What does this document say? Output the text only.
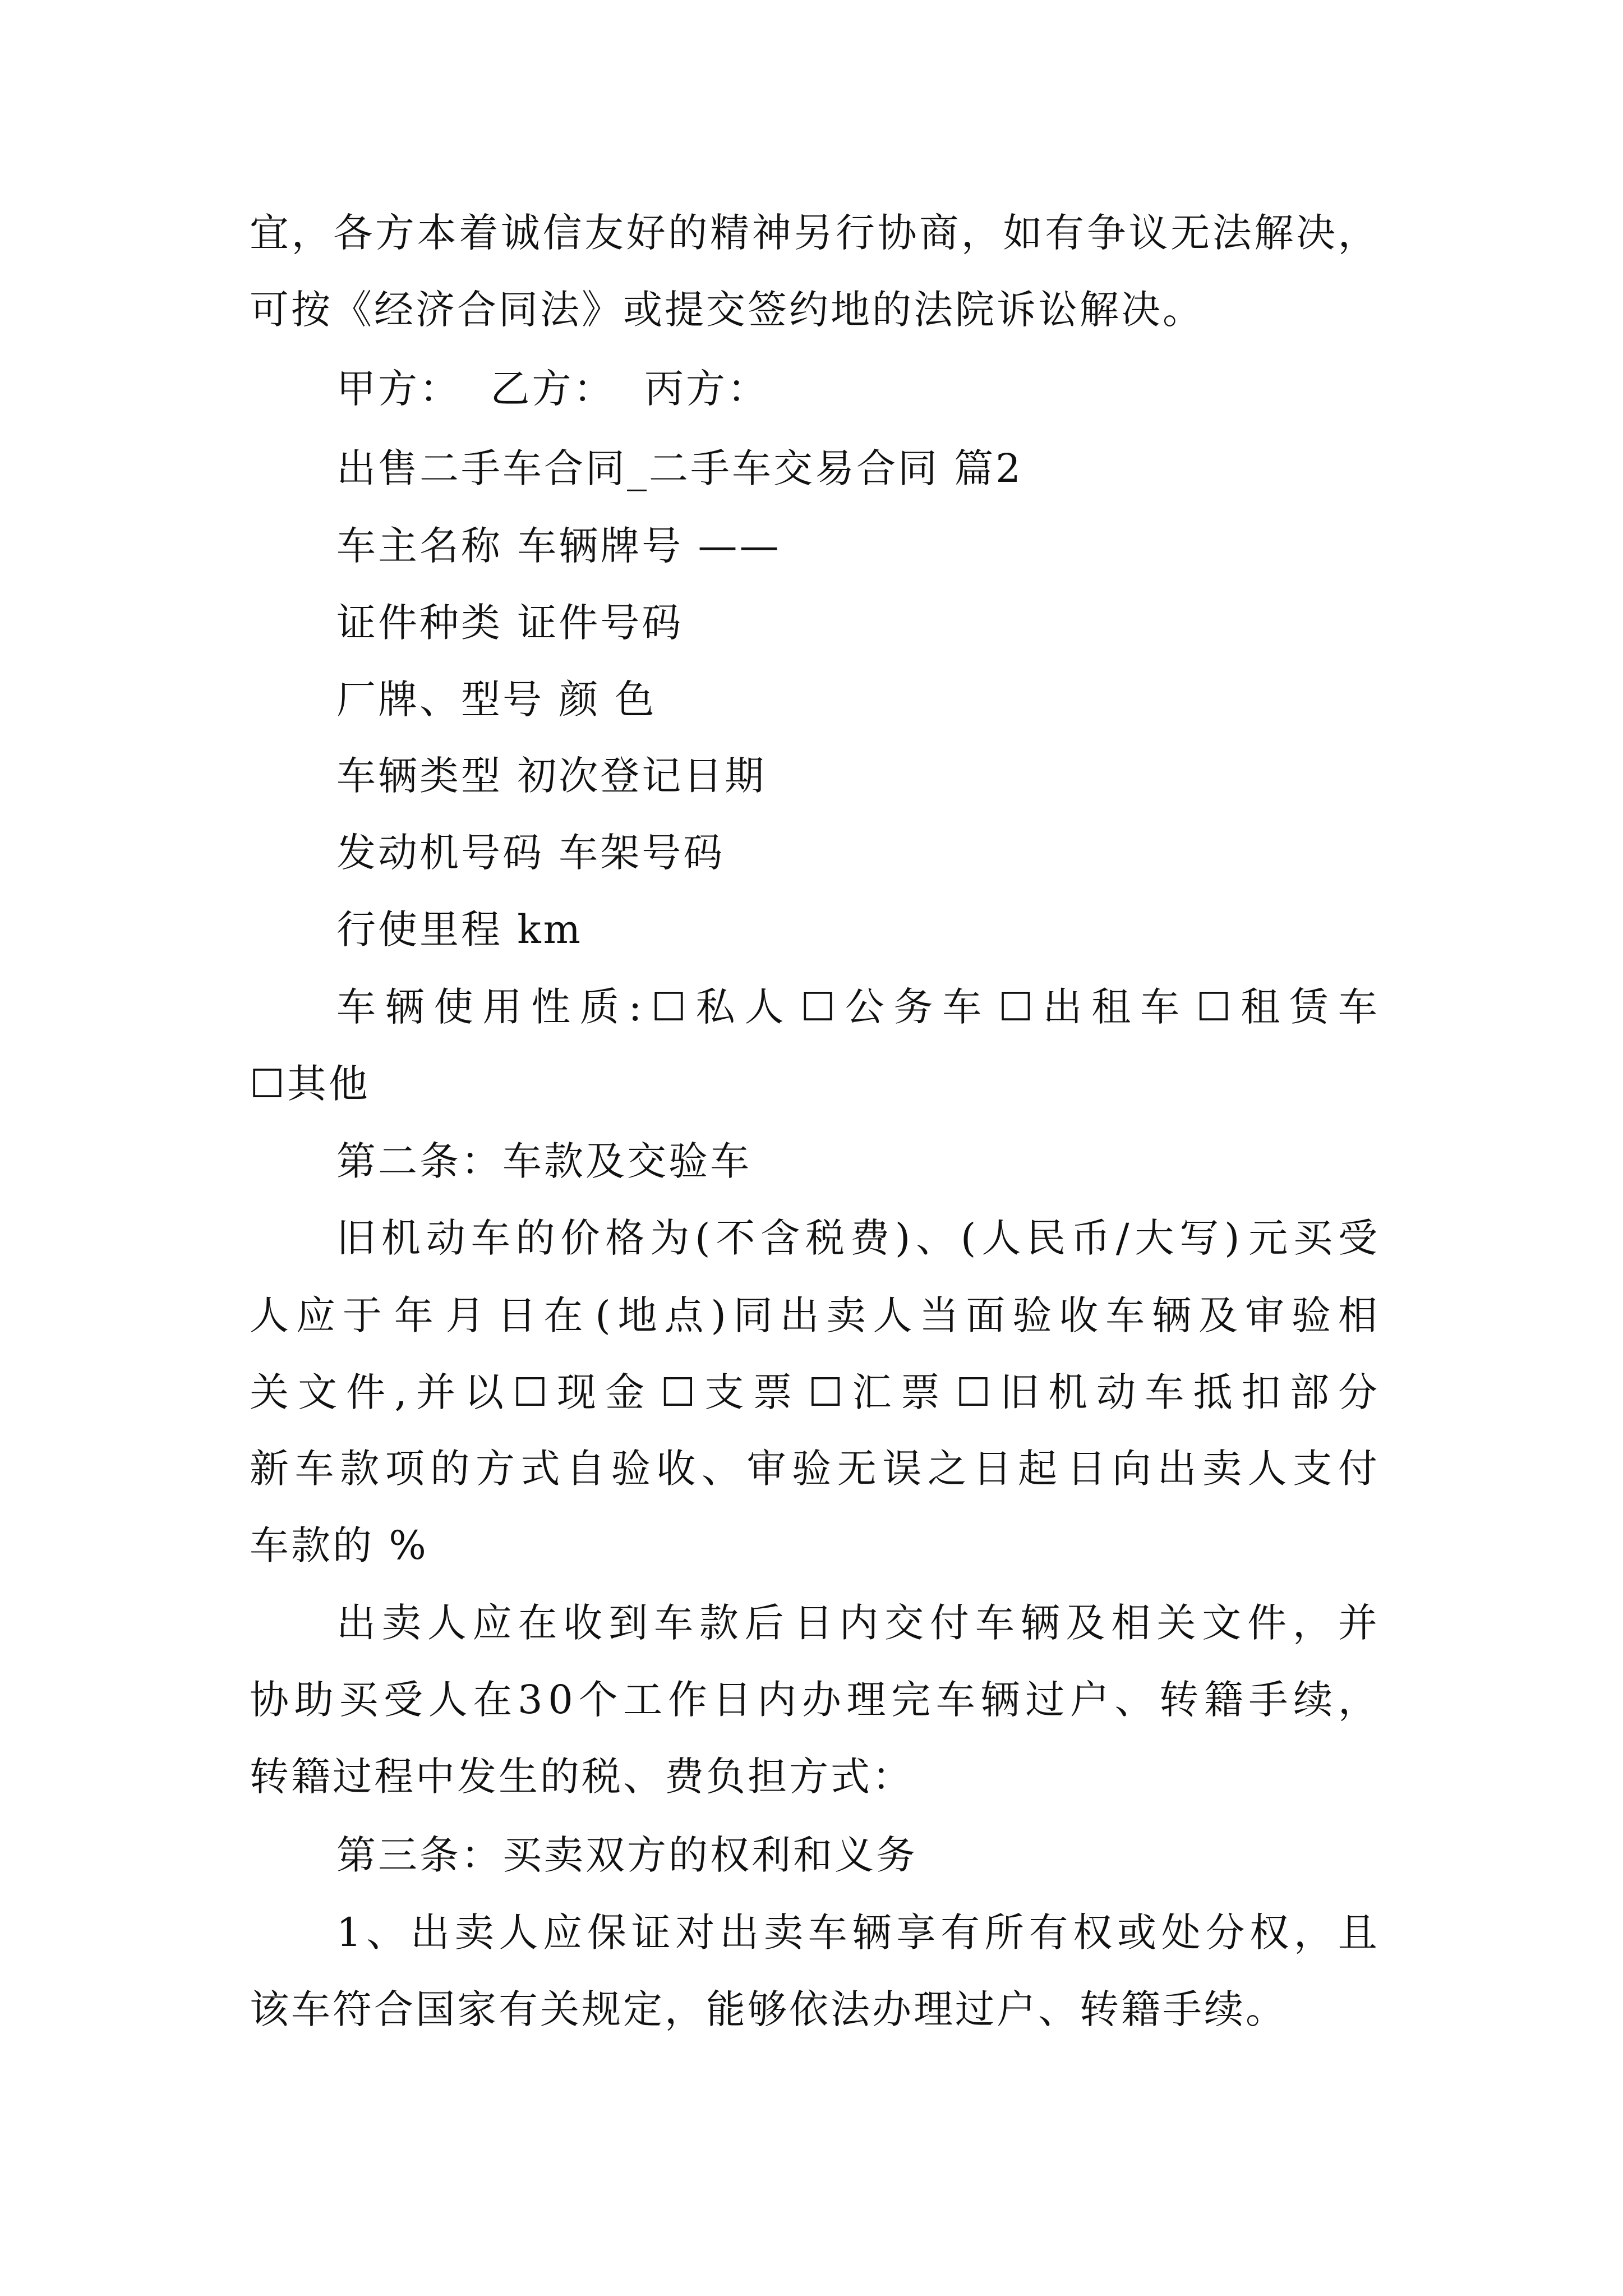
宜 ， 各 方 本 着 诚 信 友 好 的 精 神 另 行 协 商 ， 如 有 争 议 无 法 解 决 ，
可按《经济合同法》或提交签约地的法院诉讼解决。
甲方：  乙方：  丙方：
出售二手车合同_二手车交易合同 篇2
车主名称 车辆牌号 ——
证件种类 证件号码
厂牌、型号 颜 色
车辆类型 初次登记日期
发动机号码 车架号码
行使里程 km
车 辆 使 用 性 质 : ☐ 私 人 ☐ 公 务 车 ☐ 出 租 车 ☐ 租 赁 车
☐其他
第二条：车款及交验车
旧 机 动 车 的 价 格 为 ( 不 含 税 费 ) 、 ( 人 民 币 / 大 写 ) 元 买 受
人 应 于 年 月 日 在 ( 地 点 ) 同 出 卖 人 当 面 验 收 车 辆 及 审 验 相
关 文 件 , 并 以 ☐ 现 金 ☐ 支 票 ☐ 汇 票 ☐ 旧 机 动 车 抵 扣 部 分
新 车 款 项 的 方 式 自 验 收 、 审 验 无 误 之 日 起 日 向 出 卖 人 支 付
车款的 %
出 卖 人 应 在 收 到 车 款 后 日 内 交 付 车 辆 及 相 关 文 件 ， 并
协 助 买 受 人 在 3 0 个 工 作 日 内 办 理 完 车 辆 过 户 、 转 籍 手 续 ，
转籍过程中发生的税、费负担方式：
第三条：买卖双方的权利和义务
1 、 出 卖 人 应 保 证 对 出 卖 车 辆 享 有 所 有 权 或 处 分 权 ， 且
该车符合国家有关规定，能够依法办理过户、转籍手续。
